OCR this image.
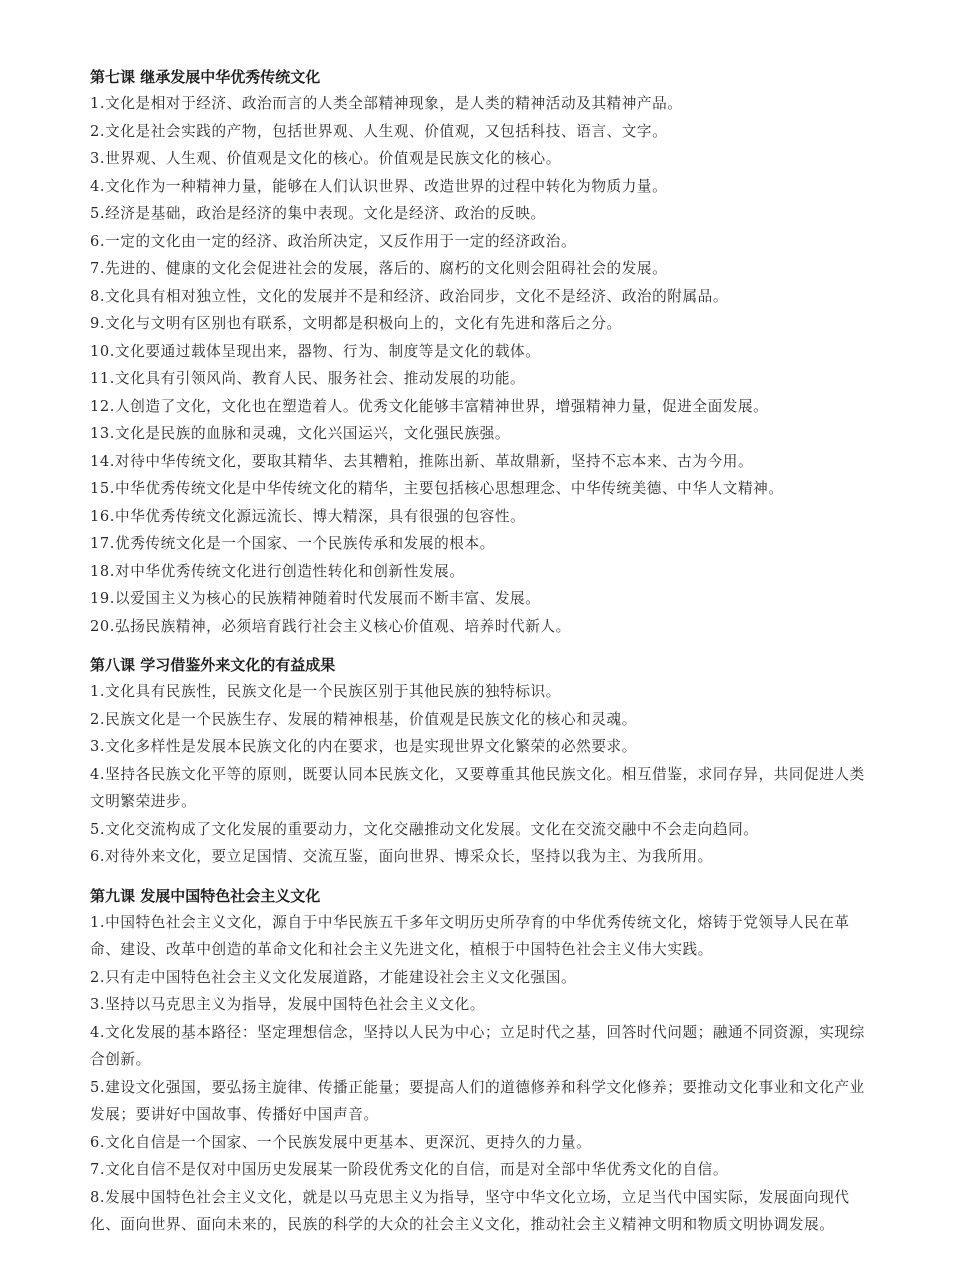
第七课 继承发展中华优秀传统文化
1.文化是相对于经济、政治而言的人类全部精神现象，是人类的精神活动及其精神产品。
2.文化是社会实践的产物，包括世界观、人生观、价值观，又包括科技、语言、文字。
3.世界观、人生观、价值观是文化的核心。价值观是民族文化的核心。
4.文化作为一种精神力量，能够在人们认识世界、改造世界的过程中转化为物质力量。
5.经济是基础，政治是经济的集中表现。文化是经济、政治的反映。
6.一定的文化由一定的经济、政治所决定，又反作用于一定的经济政治。
7.先进的、健康的文化会促进社会的发展，落后的、腐朽的文化则会阻碍社会的发展。
8.文化具有相对独立性，文化的发展并不是和经济、政治同步，文化不是经济、政治的附属品。
9.文化与文明有区别也有联系，文明都是积极向上的，文化有先进和落后之分。
10.文化要通过载体呈现出来，器物、行为、制度等是文化的载体。
11.文化具有引领风尚、教育人民、服务社会、推动发展的功能。
12.人创造了文化，文化也在塑造着人。优秀文化能够丰富精神世界，增强精神力量，促进全面发展。
13.文化是民族的血脉和灵魂，文化兴国运兴，文化强民族强。
14.对待中华传统文化，要取其精华、去其糟粕，推陈出新、革故鼎新，坚持不忘本来、古为今用。
15.中华优秀传统文化是中华传统文化的精华，主要包括核心思想理念、中华传统美德、中华人文精神。
16.中华优秀传统文化源远流长、博大精深，具有很强的包容性。
17.优秀传统文化是一个国家、一个民族传承和发展的根本。
18.对中华优秀传统文化进行创造性转化和创新性发展。
19.以爱国主义为核心的民族精神随着时代发展而不断丰富、发展。
20.弘扬民族精神，必须培育践行社会主义核心价值观、培养时代新人。
第八课 学习借鉴外来文化的有益成果
1.文化具有民族性，民族文化是一个民族区别于其他民族的独特标识。
2.民族文化是一个民族生存、发展的精神根基，价值观是民族文化的核心和灵魂。
3.文化多样性是发展本民族文化的内在要求，也是实现世界文化繁荣的必然要求。
4.坚持各民族文化平等的原则，既要认同本民族文化，又要尊重其他民族文化。相互借鉴，求同存异，共同促进人类文明繁荣进步。
5.文化交流构成了文化发展的重要动力，文化交融推动文化发展。文化在交流交融中不会走向趋同。
6.对待外来文化，要立足国情、交流互鉴，面向世界、博采众长，坚持以我为主、为我所用。
第九课 发展中国特色社会主义文化
1.中国特色社会主义文化，源自于中华民族五千多年文明历史所孕育的中华优秀传统文化，熔铸于党领导人民在革命、建设、改革中创造的革命文化和社会主义先进文化，植根于中国特色社会主义伟大实践。
2.只有走中国特色社会主义文化发展道路，才能建设社会主义文化强国。
3.坚持以马克思主义为指导，发展中国特色社会主义文化。
4.文化发展的基本路径：坚定理想信念，坚持以人民为中心；立足时代之基，回答时代问题；融通不同资源，实现综合创新。
5.建设文化强国，要弘扬主旋律、传播正能量；要提高人们的道德修养和科学文化修养；要推动文化事业和文化产业发展；要讲好中国故事、传播好中国声音。
6.文化自信是一个国家、一个民族发展中更基本、更深沉、更持久的力量。
7.文化自信不是仅对中国历史发展某一阶段优秀文化的自信，而是对全部中华优秀文化的自信。
8.发展中国特色社会主义文化，就是以马克思主义为指导，坚守中华文化立场，立足当代中国实际，发展面向现代化、面向世界、面向未来的，民族的科学的大众的社会主义文化，推动社会主义精神文明和物质文明协调发展。
